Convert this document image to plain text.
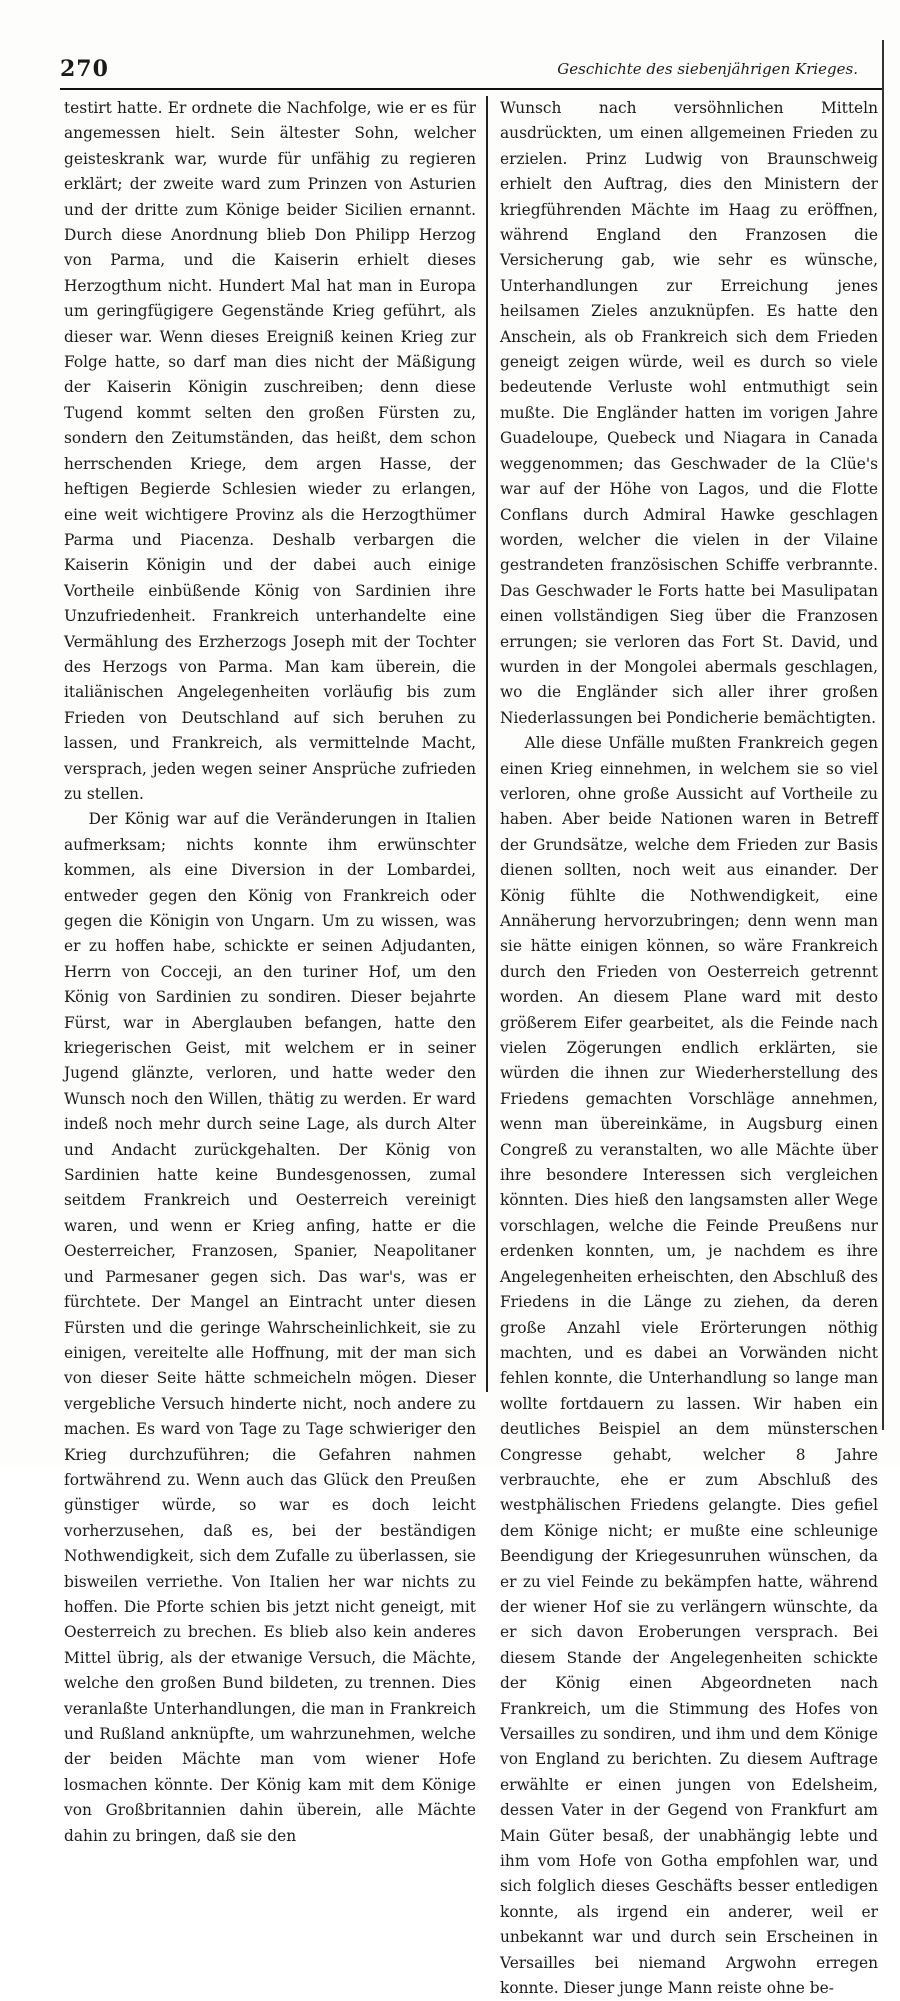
270	Geschichte des siebenjährigen Krieges.

testirt hatte. Er ordnete die Nachfolge, wie er es für angemessen hielt. Sein ältester Sohn, welcher geisteskrank war, wurde für unfähig zu regieren erklärt; der zweite ward zum Prinzen von Asturien und der dritte zum Könige beider Sicilien ernannt. Durch diese Anordnung blieb Don Philipp Herzog von Parma, und die Kaiserin erhielt dieses Herzogthum nicht. Hundert Mal hat man in Europa um geringfügigere Gegenstände Krieg geführt, als dieser war. Wenn dieses Ereigniß keinen Krieg zur Folge hatte, so darf man dies nicht der Mäßigung der Kaiserin Königin zuschreiben; denn diese Tugend kommt selten den großen Fürsten zu, sondern den Zeitumständen, das heißt, dem schon herrschenden Kriege, dem argen Hasse, der heftigen Begierde Schlesien wieder zu erlangen, eine weit wichtigere Provinz als die Herzogthümer Parma und Piacenza. Deshalb verbargen die Kaiserin Königin und der dabei auch einige Vortheile einbüßende König von Sardinien ihre Unzufriedenheit. Frankreich unterhandelte eine Vermählung des Erzherzogs Joseph mit der Tochter des Herzogs von Parma. Man kam überein, die italiänischen Angelegenheiten vorläufig bis zum Frieden von Deutschland auf sich beruhen zu lassen, und Frankreich, als vermittelnde Macht, versprach, jeden wegen seiner Ansprüche zufrieden zu stellen.

Der König war auf die Veränderungen in Italien aufmerksam; nichts konnte ihm erwünschter kommen, als eine Diversion in der Lombardei, entweder gegen den König von Frankreich oder gegen die Königin von Ungarn. Um zu wissen, was er zu hoffen habe, schickte er seinen Adjudanten, Herrn von Cocceji, an den turiner Hof, um den König von Sardinien zu sondiren. Dieser bejahrte Fürst, war in Aberglauben befangen, hatte den kriegerischen Geist, mit welchem er in seiner Jugend glänzte, verloren, und hatte weder den Wunsch noch den Willen, thätig zu werden. Er ward indeß noch mehr durch seine Lage, als durch Alter und Andacht zurückgehalten. Der König von Sardinien hatte keine Bundesgenossen, zumal seitdem Frankreich und Oesterreich vereinigt waren, und wenn er Krieg anfing, hatte er die Oesterreicher, Franzosen, Spanier, Neapolitaner und Parmesaner gegen sich. Das war's, was er fürchtete. Der Mangel an Eintracht unter diesen Fürsten und die geringe Wahrscheinlichkeit, sie zu einigen, vereitelte alle Hoffnung, mit der man sich von dieser Seite hätte schmeicheln mögen. Dieser vergebliche Versuch hinderte nicht, noch andere zu machen. Es ward von Tage zu Tage schwieriger den Krieg durchzuführen; die Gefahren nahmen fortwährend zu. Wenn auch das Glück den Preußen günstiger würde, so war es doch leicht vorherzusehen, daß es, bei der beständigen Nothwendigkeit, sich dem Zufalle zu überlassen, sie bisweilen verriethe. Von Italien her war nichts zu hoffen. Die Pforte schien bis jetzt nicht geneigt, mit Oesterreich zu brechen. Es blieb also kein anderes Mittel übrig, als der etwanige Versuch, die Mächte, welche den großen Bund bildeten, zu trennen. Dies veranlaßte Unterhandlungen, die man in Frankreich und Rußland anknüpfte, um wahrzunehmen, welche der beiden Mächte man vom wiener Hofe losmachen könnte. Der König kam mit dem Könige von Großbritannien dahin überein, alle Mächte dahin zu bringen, daß sie den

Wunsch nach versöhnlichen Mitteln ausdrückten, um einen allgemeinen Frieden zu erzielen. Prinz Ludwig von Braunschweig erhielt den Auftrag, dies den Ministern der kriegführenden Mächte im Haag zu eröffnen, während England den Franzosen die Versicherung gab, wie sehr es wünsche, Unterhandlungen zur Erreichung jenes heilsamen Zieles anzuknüpfen. Es hatte den Anschein, als ob Frankreich sich dem Frieden geneigt zeigen würde, weil es durch so viele bedeutende Verluste wohl entmuthigt sein mußte. Die Engländer hatten im vorigen Jahre Guadeloupe, Quebeck und Niagara in Canada weggenommen; das Geschwader de la Clüe's war auf der Höhe von Lagos, und die Flotte Conflans durch Admiral Hawke geschlagen worden, welcher die vielen in der Vilaine gestrandeten französischen Schiffe verbrannte. Das Geschwader le Forts hatte bei Masulipatan einen vollständigen Sieg über die Franzosen errungen; sie verloren das Fort St. David, und wurden in der Mongolei abermals geschlagen, wo die Engländer sich aller ihrer großen Niederlassungen bei Pondicherie bemächtigten.

Alle diese Unfälle mußten Frankreich gegen einen Krieg einnehmen, in welchem sie so viel verloren, ohne große Aussicht auf Vortheile zu haben. Aber beide Nationen waren in Betreff der Grundsätze, welche dem Frieden zur Basis dienen sollten, noch weit aus einander. Der König fühlte die Nothwendigkeit, eine Annäherung hervorzubringen; denn wenn man sie hätte einigen können, so wäre Frankreich durch den Frieden von Oesterreich getrennt worden. An diesem Plane ward mit desto größerem Eifer gearbeitet, als die Feinde nach vielen Zögerungen endlich erklärten, sie würden die ihnen zur Wiederherstellung des Friedens gemachten Vorschläge annehmen, wenn man übereinkäme, in Augsburg einen Congreß zu veranstalten, wo alle Mächte über ihre besondere Interessen sich vergleichen könnten. Dies hieß den langsamsten aller Wege vorschlagen, welche die Feinde Preußens nur erdenken konnten, um, je nachdem es ihre Angelegenheiten erheischten, den Abschluß des Friedens in die Länge zu ziehen, da deren große Anzahl viele Erörterungen nöthig machten, und es dabei an Vorwänden nicht fehlen konnte, die Unterhandlung so lange man wollte fortdauern zu lassen. Wir haben ein deutliches Beispiel an dem münsterschen Congresse gehabt, welcher 8 Jahre verbrauchte, ehe er zum Abschluß des westphälischen Friedens gelangte. Dies gefiel dem Könige nicht; er mußte eine schleunige Beendigung der Kriegesunruhen wünschen, da er zu viel Feinde zu bekämpfen hatte, während der wiener Hof sie zu verlängern wünschte, da er sich davon Eroberungen versprach. Bei diesem Stande der Angelegenheiten schickte der König einen Abgeordneten nach Frankreich, um die Stimmung des Hofes von Versailles zu sondiren, und ihm und dem Könige von England zu berichten. Zu diesem Auftrage erwählte er einen jungen von Edelsheim, dessen Vater in der Gegend von Frankfurt am Main Güter besaß, der unabhängig lebte und ihm vom Hofe von Gotha empfohlen war, und sich folglich dieses Geschäfts besser entledigen konnte, als irgend ein anderer, weil er unbekannt war und durch sein Erscheinen in Versailles bei niemand Argwohn erregen konnte. Dieser junge Mann reiste ohne be-
